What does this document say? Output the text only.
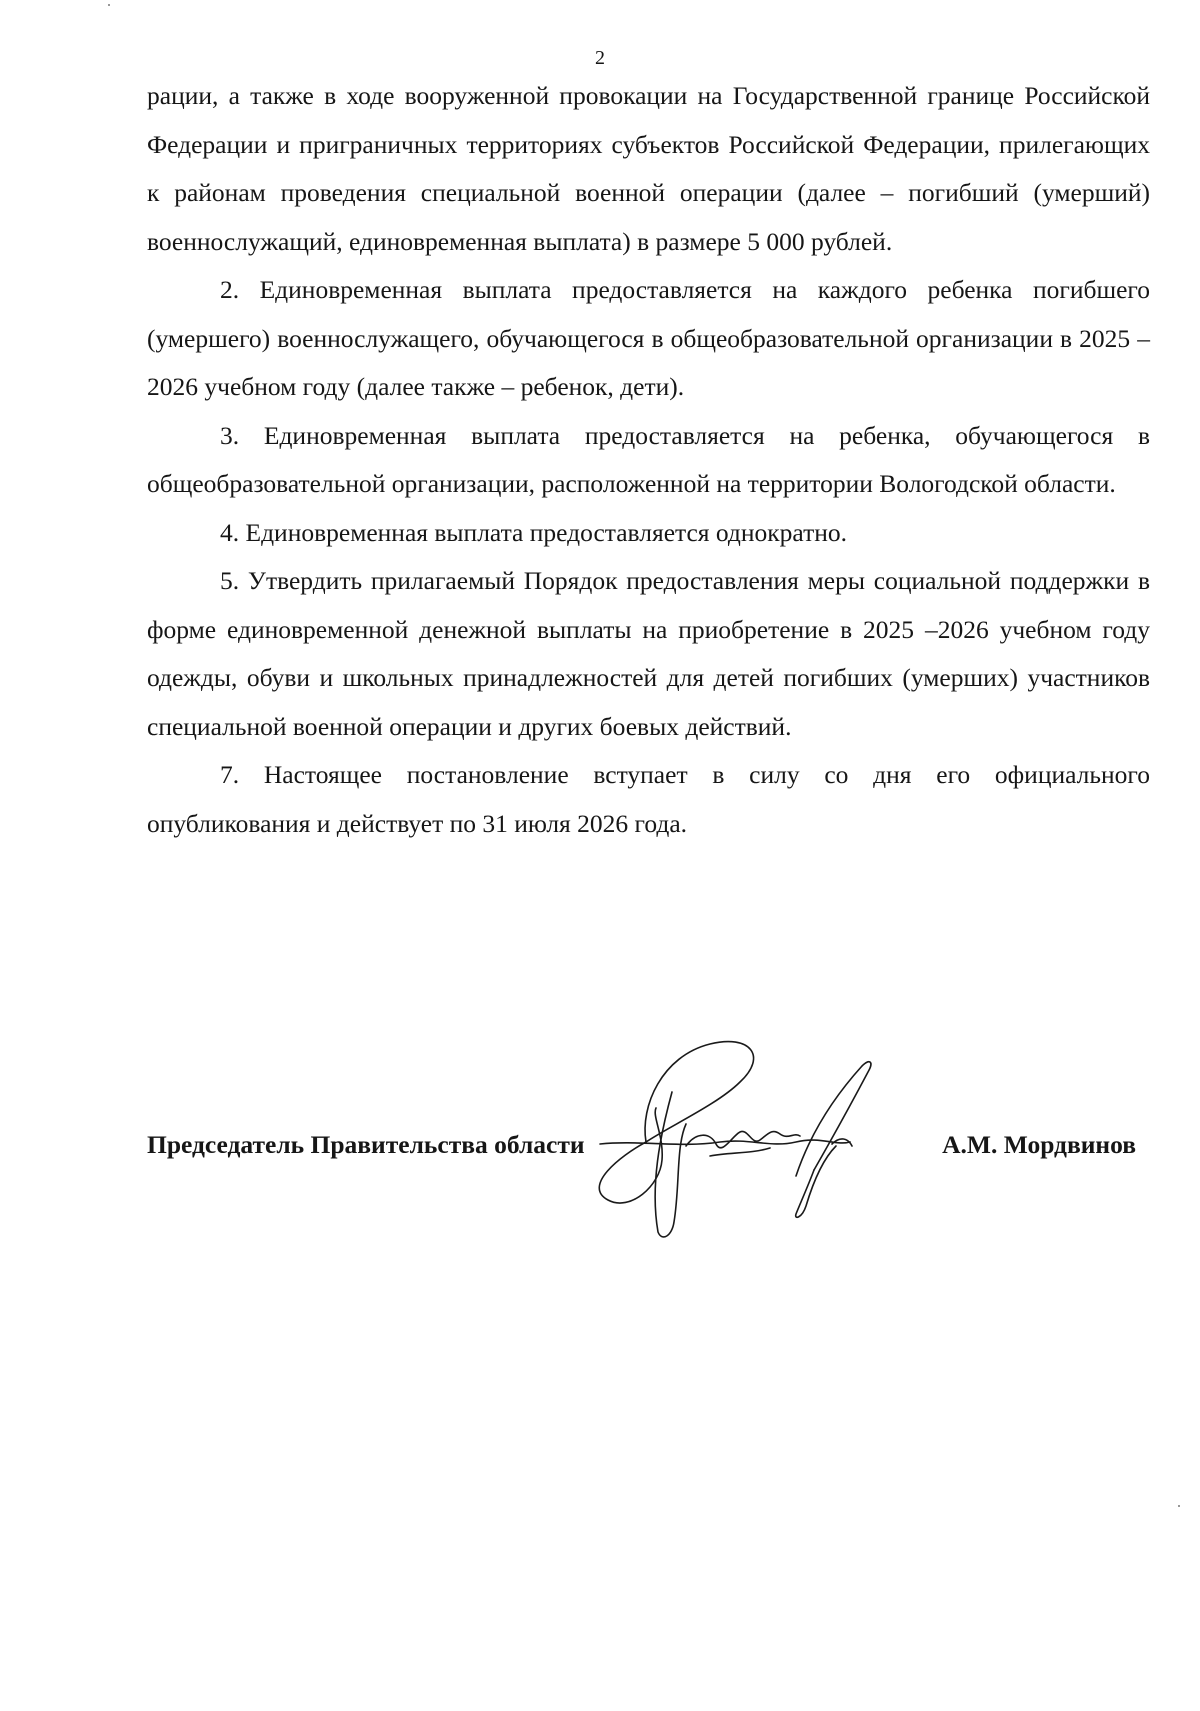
2

рации, а также в ходе вооруженной провокации на Государственной границе Российской Федерации и приграничных территориях субъектов Российской Федерации, прилегающих к районам проведения специальной военной операции (далее – погибший (умерший) военнослужащий, единовременная выплата) в размере 5 000 рублей.

2. Единовременная выплата предоставляется на каждого ребенка погибшего (умершего) военнослужащего, обучающегося в общеобразовательной организации в 2025 – 2026 учебном году (далее также – ребенок, дети).

3. Единовременная выплата предоставляется на ребенка, обучающегося в общеобразовательной организации, расположенной на территории Вологодской области.

4. Единовременная выплата предоставляется однократно.

5. Утвердить прилагаемый Порядок предоставления меры социальной поддержки в форме единовременной денежной выплаты на приобретение в 2025 –2026 учебном году одежды, обуви и школьных принадлежностей для детей погибших (умерших) участников специальной военной операции и других боевых действий.

7. Настоящее постановление вступает в силу со дня его официального опубликования и действует по 31 июля 2026 года.

Председатель Правительства области	А.М. Мордвинов
